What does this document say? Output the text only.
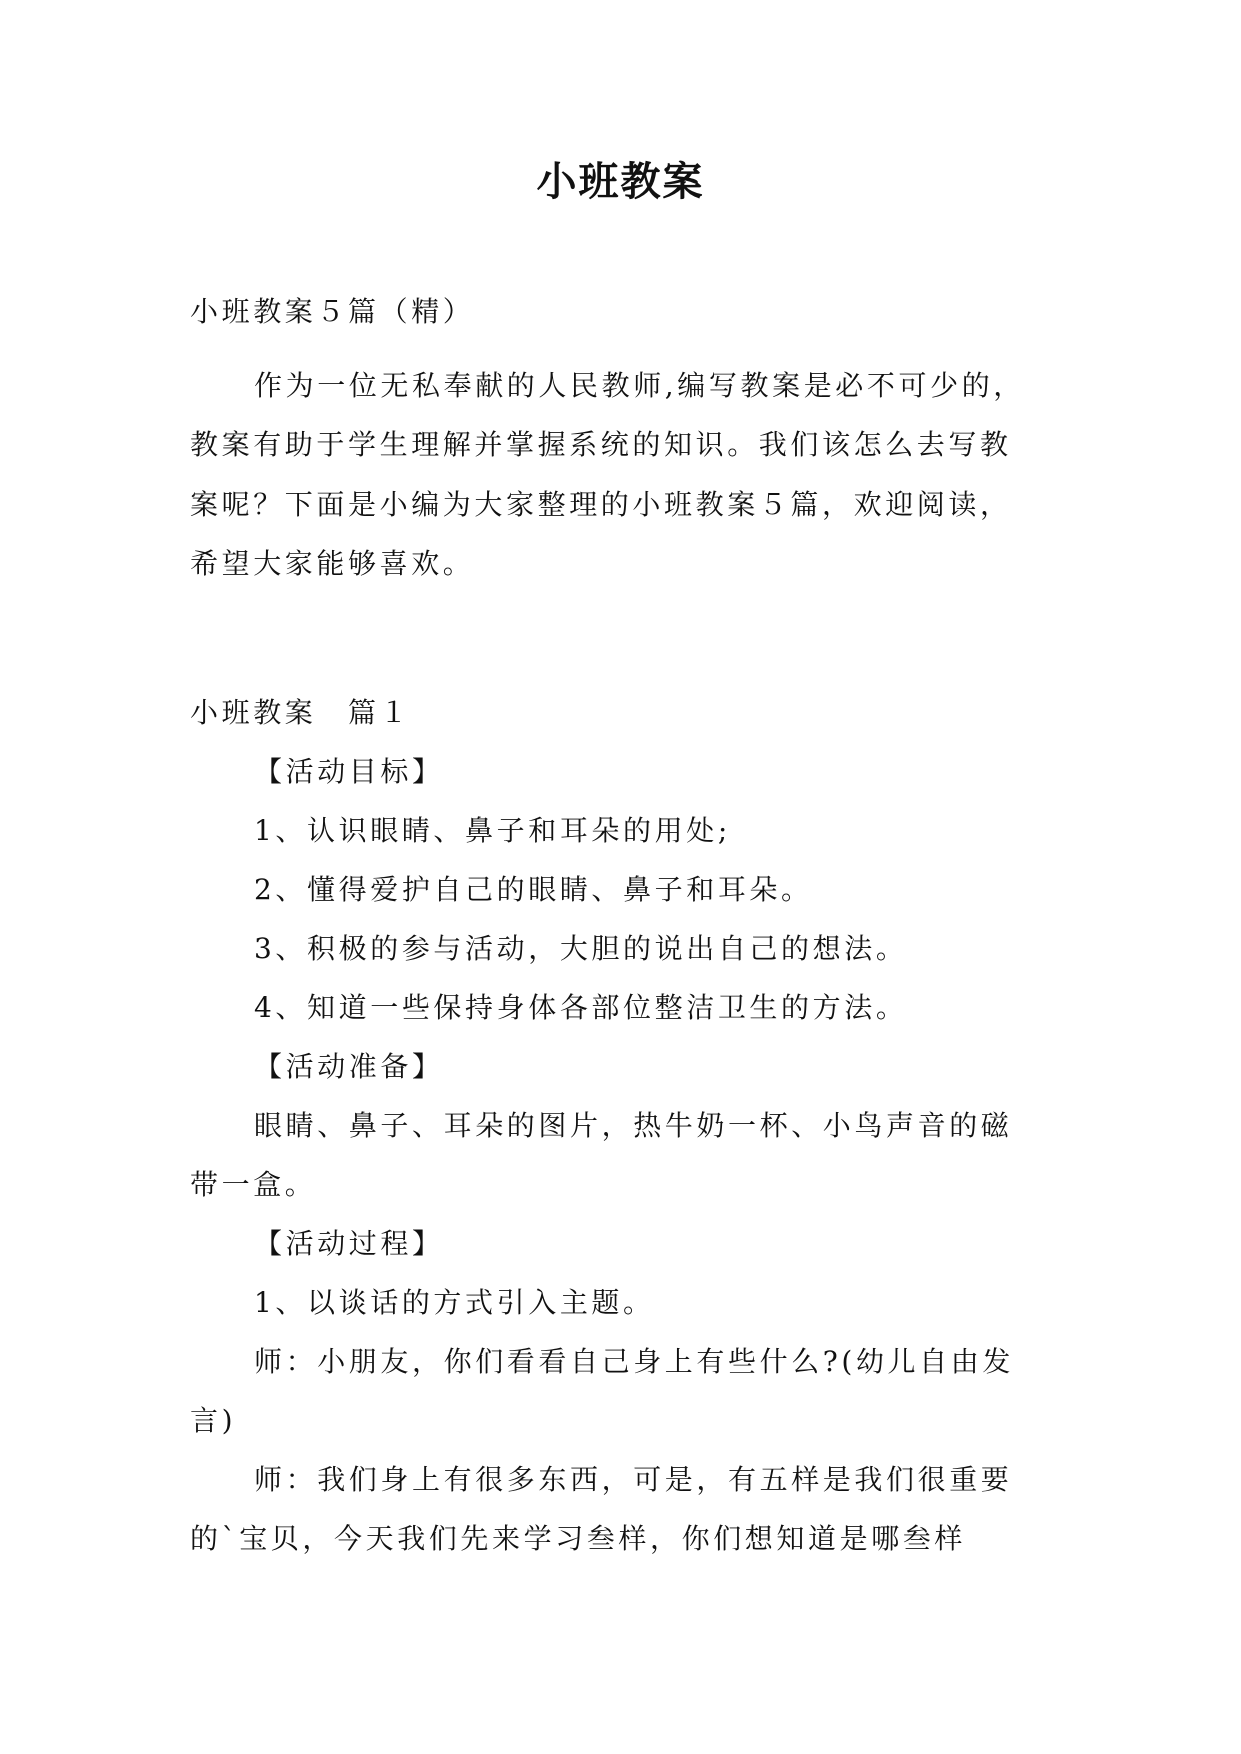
小班教案
小班教案５篇（精）
作为一位无私奉献的人民教师,编写教案是必不可少的，
教案有助于学生理解并掌握系统的知识。我们该怎么去写教
案呢？下面是小编为大家整理的小班教案５篇，欢迎阅读，
希望大家能够喜欢。
小班教案　篇１
【活动目标】
1、认识眼睛、鼻子和耳朵的用处;
2、懂得爱护自己的眼睛、鼻子和耳朵。
3、积极的参与活动，大胆的说出自己的想法。
4、知道一些保持身体各部位整洁卫生的方法。
【活动准备】
眼睛、鼻子、耳朵的图片，热牛奶一杯、小鸟声音的磁
带一盒。
【活动过程】
1、以谈话的方式引入主题。
师：小朋友，你们看看自己身上有些什么?(幼儿自由发
言)
师：我们身上有很多东西，可是，有五样是我们很重要
的`宝贝，今天我们先来学习叁样，你们想知道是哪叁样
